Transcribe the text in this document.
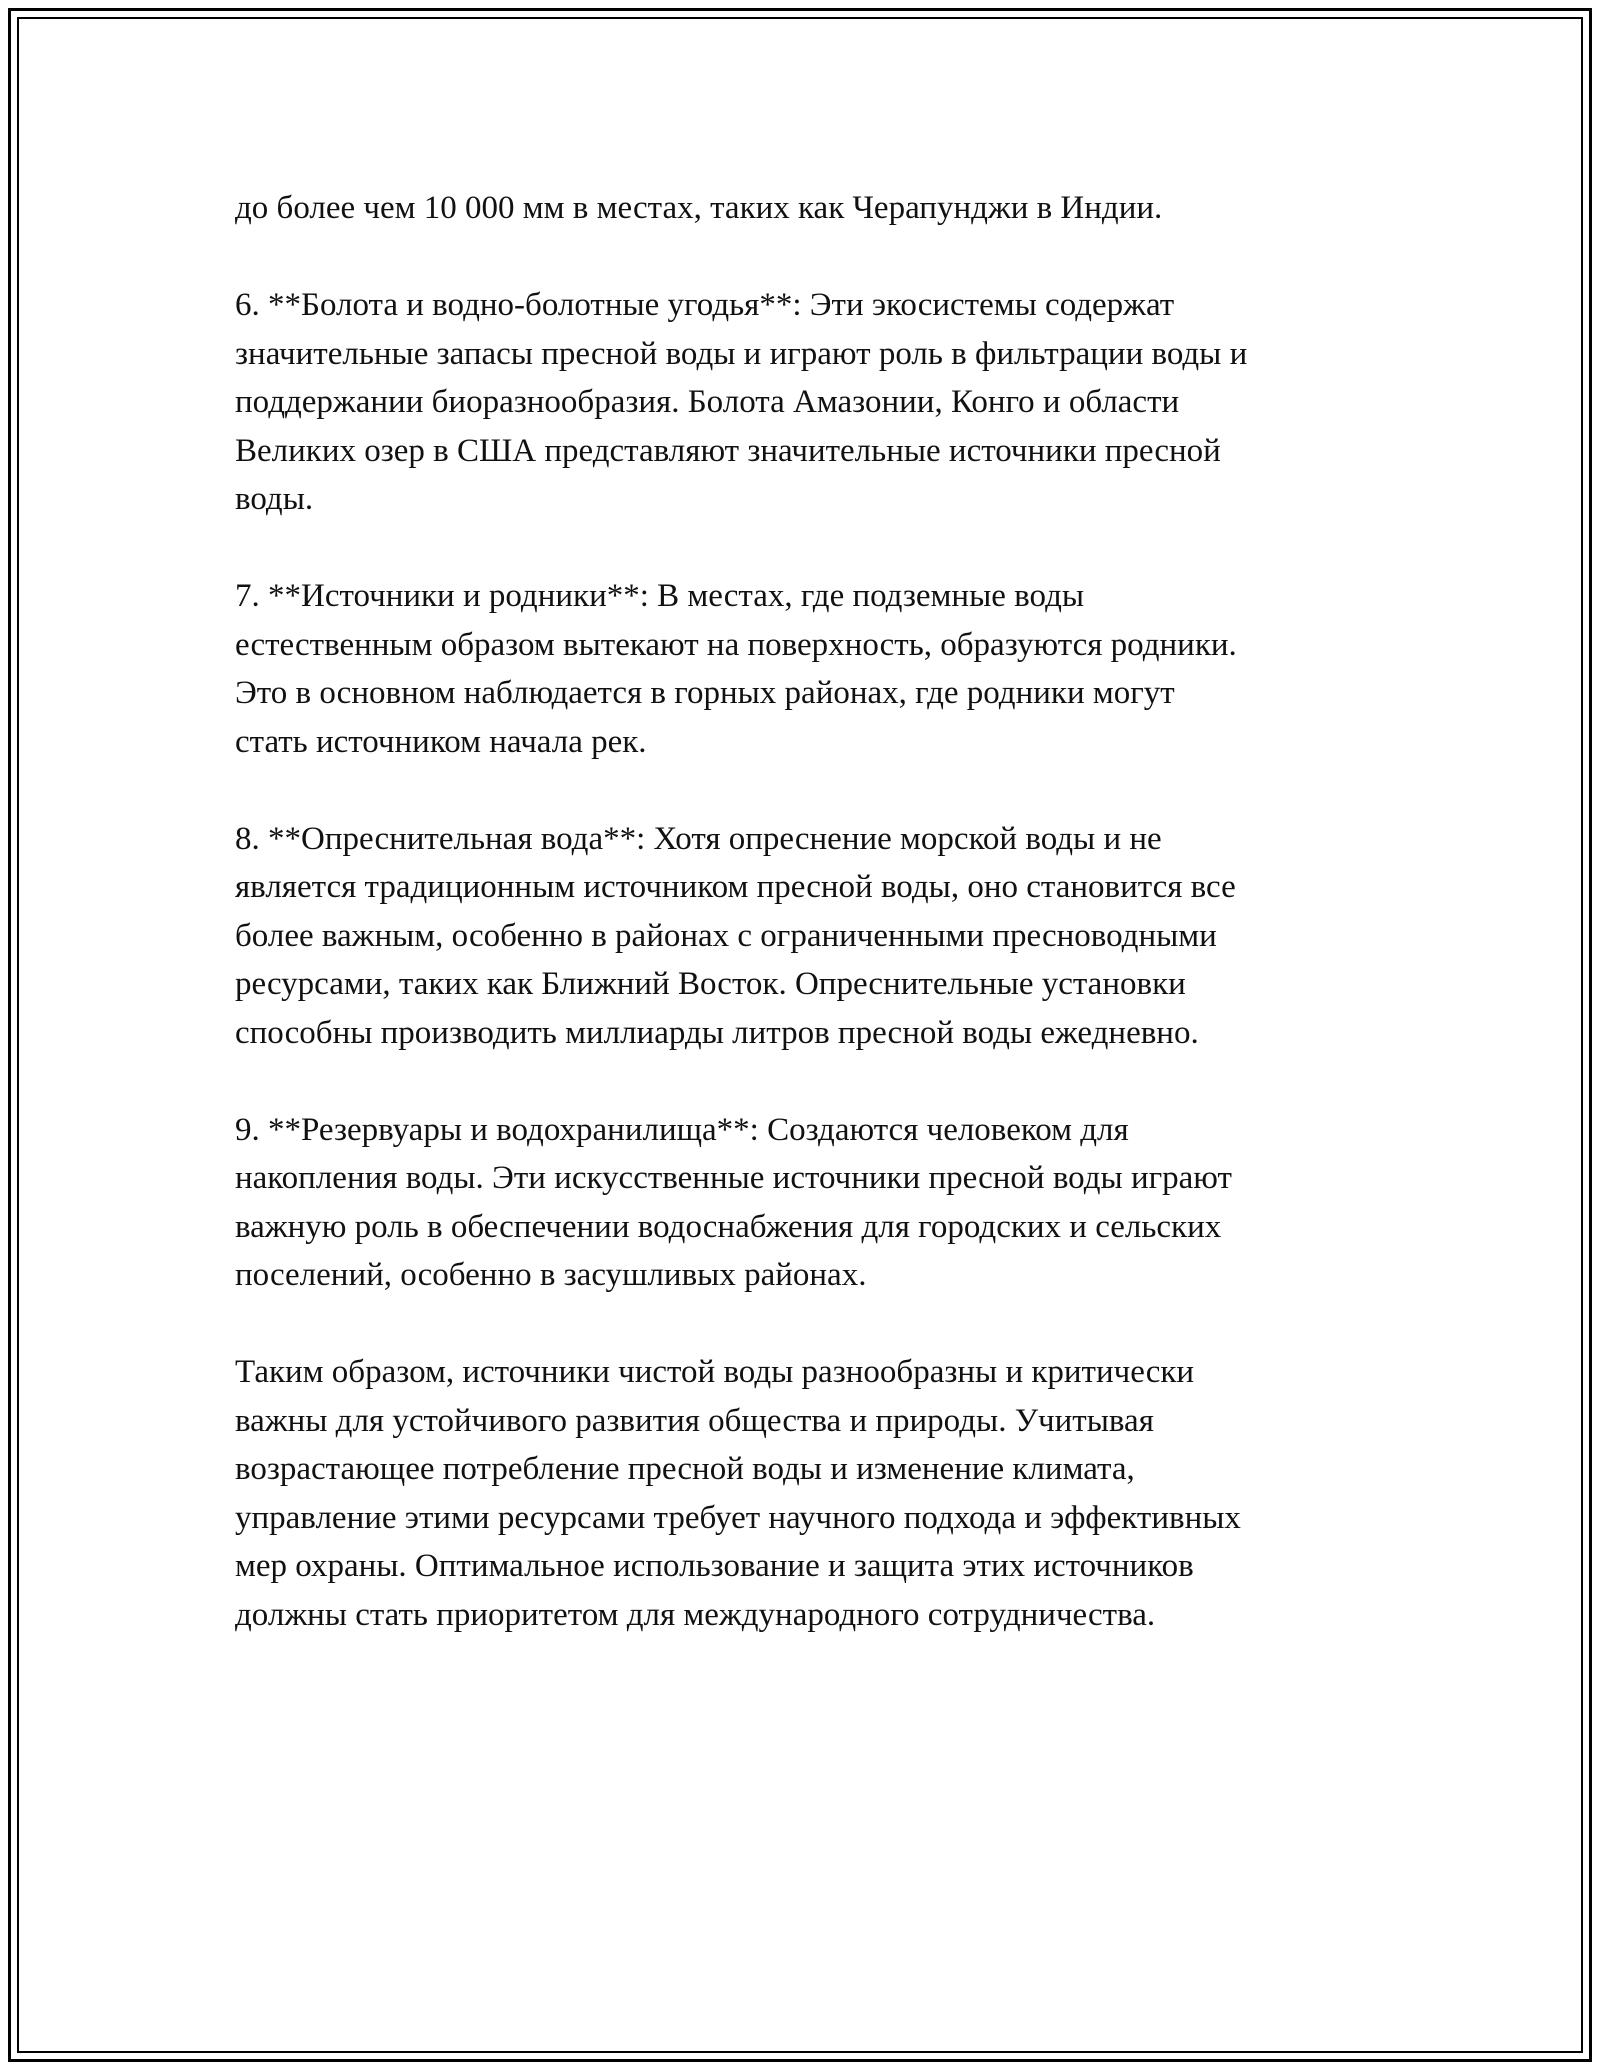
до более чем 10 000 мм в местах, таких как Черапунджи в Индии.

6. **Болота и водно-болотные угодья**: Эти экосистемы содержат
значительные запасы пресной воды и играют роль в фильтрации воды и
поддержании биоразнообразия. Болота Амазонии, Конго и области
Великих озер в США представляют значительные источники пресной
воды.

7. **Источники и родники**: В местах, где подземные воды
естественным образом вытекают на поверхность, образуются родники.
Это в основном наблюдается в горных районах, где родники могут
стать источником начала рек.

8. **Опреснительная вода**: Хотя опреснение морской воды и не
является традиционным источником пресной воды, оно становится все
более важным, особенно в районах с ограниченными пресноводными
ресурсами, таких как Ближний Восток. Опреснительные установки
способны производить миллиарды литров пресной воды ежедневно.

9. **Резервуары и водохранилища**: Создаются человеком для
накопления воды. Эти искусственные источники пресной воды играют
важную роль в обеспечении водоснабжения для городских и сельских
поселений, особенно в засушливых районах.

Таким образом, источники чистой воды разнообразны и критически
важны для устойчивого развития общества и природы. Учитывая
возрастающее потребление пресной воды и изменение климата,
управление этими ресурсами требует научного подхода и эффективных
мер охраны. Оптимальное использование и защита этих источников
должны стать приоритетом для международного сотрудничества.
